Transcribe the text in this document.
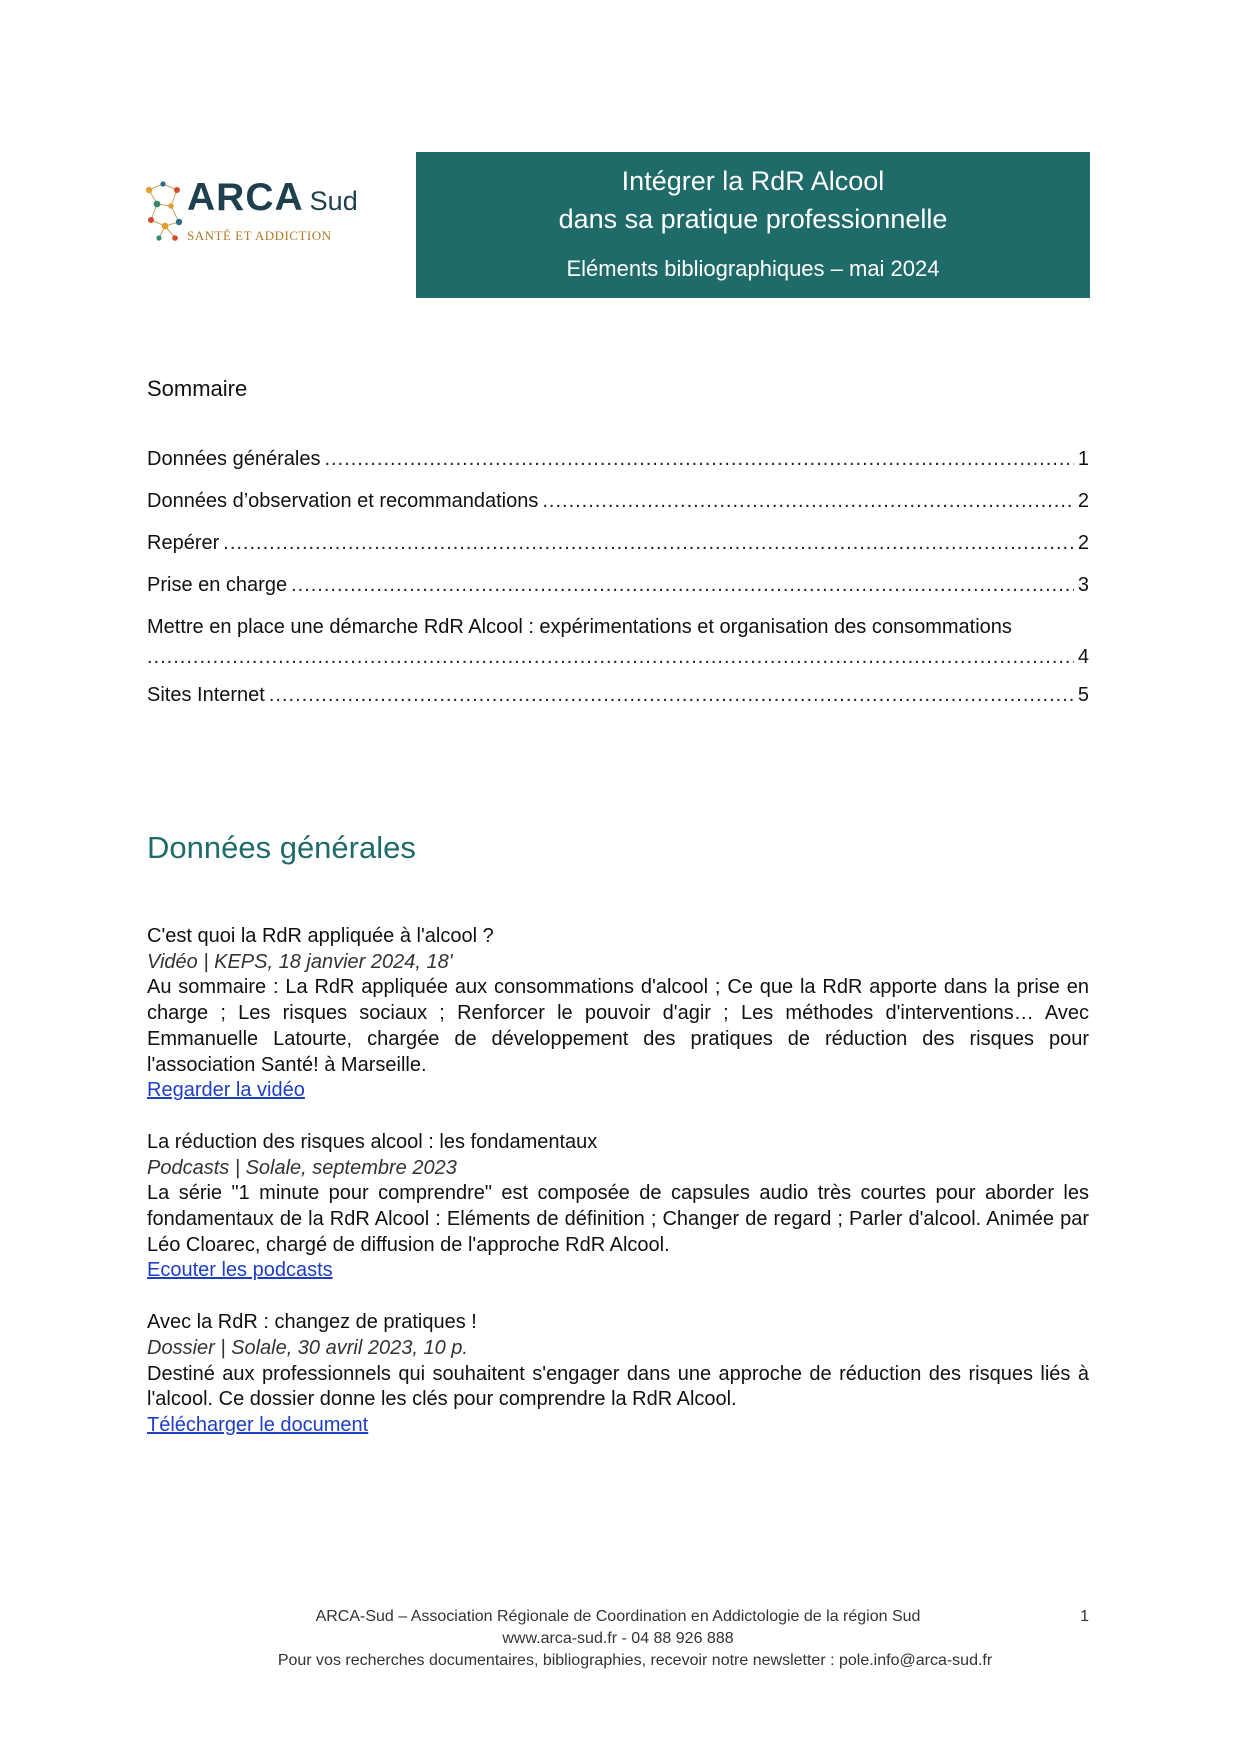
ARCA Sud
SANTÉ ET ADDICTION
Intégrer la RdR Alcool
dans sa pratique professionnelle
Eléments bibliographiques – mai 2024
Sommaire
Données générales .....	1
Données d’observation et recommandations .....	2
Repérer .....	2
Prise en charge .....	3
Mettre en place une démarche RdR Alcool : expérimentations et organisation des consommations
.....
4
Sites Internet .....	5
Données générales
C'est quoi la RdR appliquée à l'alcool ?
Vidéo | KEPS, 18 janvier 2024, 18'
Au sommaire : La RdR appliquée aux consommations d'alcool ; Ce que la RdR apporte dans la prise en charge ; Les risques sociaux ; Renforcer le pouvoir d'agir ; Les méthodes d'interventions… Avec Emmanuelle Latourte, chargée de développement des pratiques de réduction des risques pour l'association Santé! à Marseille.
Regarder la vidéo
La réduction des risques alcool : les fondamentaux
Podcasts | Solale, septembre 2023
La série "1 minute pour comprendre" est composée de capsules audio très courtes pour aborder les fondamentaux de la RdR Alcool : Eléments de définition ; Changer de regard ; Parler d'alcool. Animée par Léo Cloarec, chargé de diffusion de l'approche RdR Alcool.
Ecouter les podcasts
Avec la RdR : changez de pratiques !
Dossier | Solale, 30 avril 2023, 10 p.
Destiné aux professionnels qui souhaitent s'engager dans une approche de réduction des risques liés à l'alcool. Ce dossier donne les clés pour comprendre la RdR Alcool.
Télécharger le document
ARCA-Sud – Association Régionale de Coordination en Addictologie de la région Sud
www.arca-sud.fr - 04 88 926 888
Pour vos recherches documentaires, bibliographies, recevoir notre newsletter : pole.info@arca-sud.fr
1
